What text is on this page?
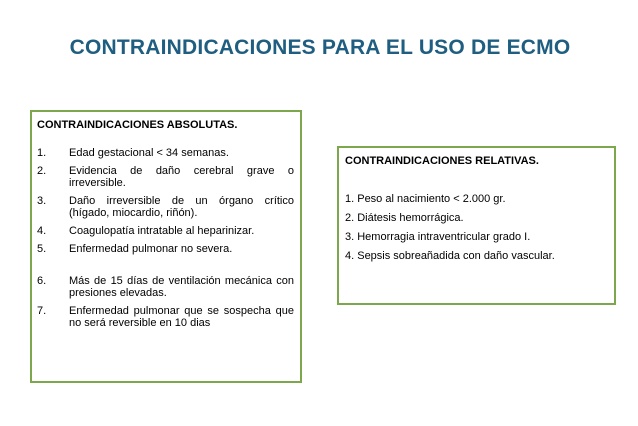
CONTRAINDICACIONES PARA EL USO DE ECMO

CONTRAINDICACIONES ABSOLUTAS.

1.	Edad gestacional < 34 semanas.
2.	Evidencia de daño cerebral grave o irreversible.
3.	Daño irreversible de un órgano crítico (hígado, miocardio, riñón).
4.	Coagulopatía intratable al heparinizar.
5.	Enfermedad pulmonar no severa.
6.	Más de 15 días de ventilación mecánica con presiones elevadas.
7.	Enfermedad pulmonar que se sospecha que no será reversible en 10 dias

CONTRAINDICACIONES RELATIVAS.

1. Peso al nacimiento < 2.000 gr.
2. Diátesis hemorrágica.
3. Hemorragia intraventricular grado I.
4. Sepsis sobreañadida con daño vascular.
